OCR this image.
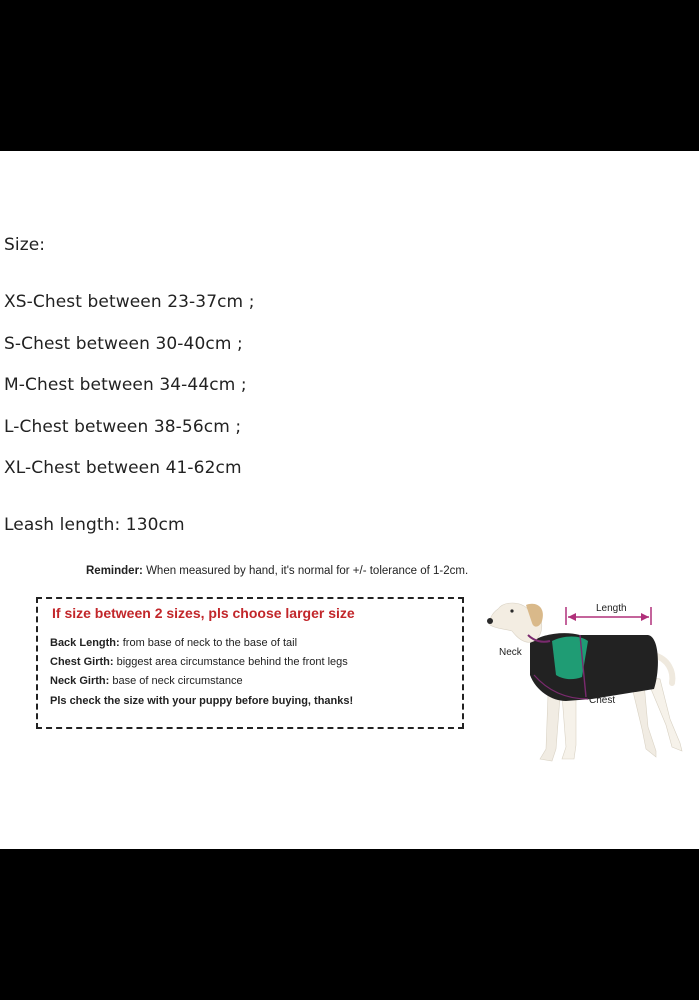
Size:
XS-Chest between 23-37cm ;
S-Chest between 30-40cm ;
M-Chest between 34-44cm ;
L-Chest between 38-56cm ;
XL-Chest between 41-62cm
Leash length: 130cm
Reminder: When measured by hand, it's normal for +/- tolerance of 1-2cm.
If size between 2 sizes, pls choose larger size
Back Length: from base of neck to the base of tail
Chest Girth: biggest area circumstance behind the front legs
Neck Girth: base of neck circumstance
Pls check the size with your puppy before buying, thanks!
Length
Neck
Chest
